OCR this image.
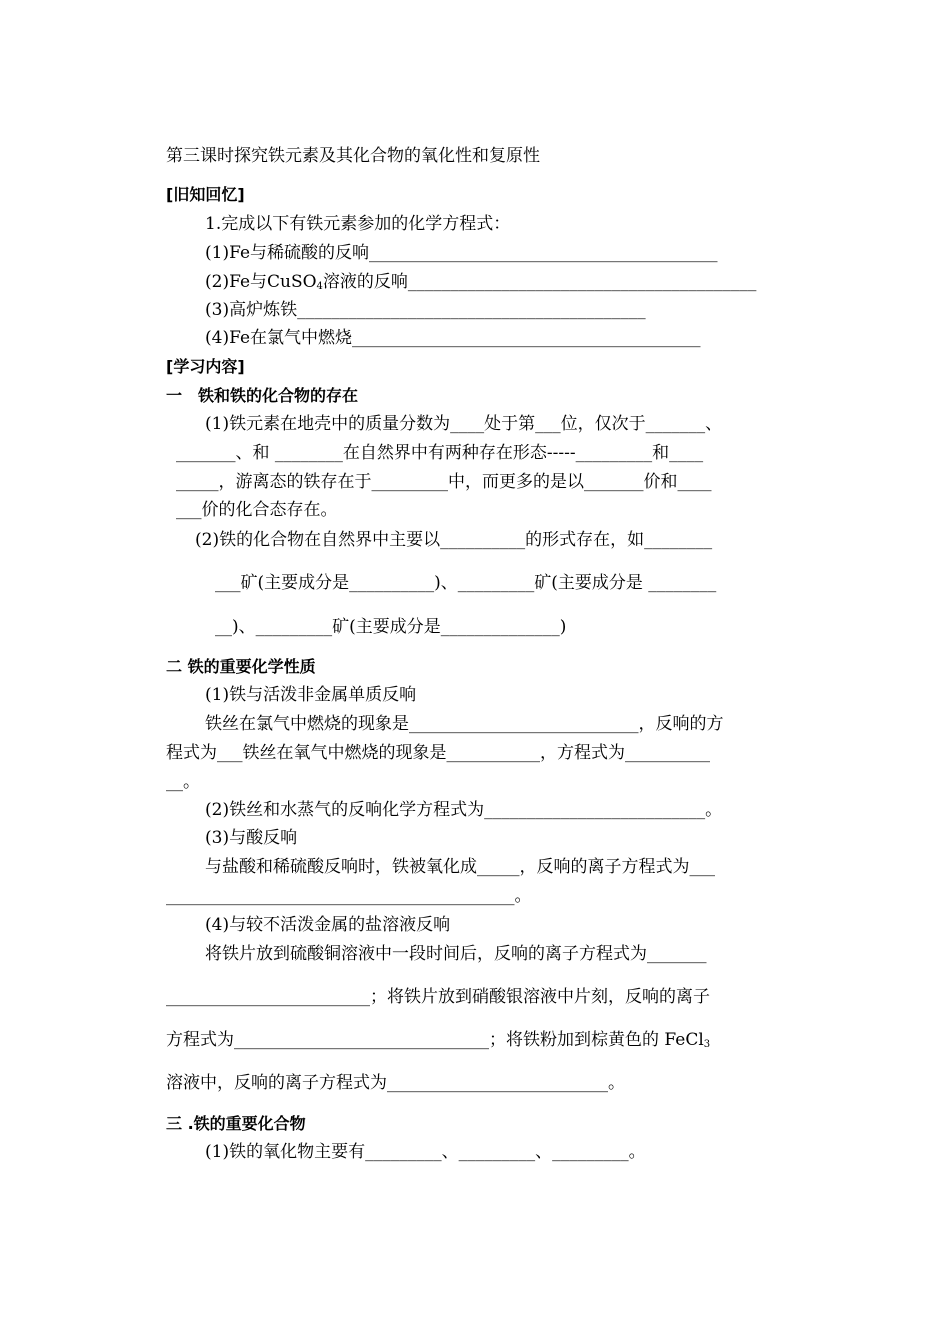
第三课时探究铁元素及其化合物的氧化性和复原性
[旧知回忆]
1.完成以下有铁元素参加的化学方程式：
(1)Fe与稀硫酸的反响_________________________________________
(2)Fe与CuSO$_4$溶液的反响_________________________________________
(3)高炉炼铁_________________________________________
(4)Fe在氯气中燃烧_________________________________________
[学习内容]
一　铁和铁的化合物的存在
(1)铁元素在地壳中的质量分数为____处于第___位，仅次于_______、
_______、和 ________在自然界中有两种存在形态-----_________和____
_____，游离态的铁存在于_________中，而更多的是以_______价和____
___价的化合态存在。
(2)铁的化合物在自然界中主要以__________的形式存在，如________
___矿(主要成分是__________)、_________矿(主要成分是 ________
__)、_________矿(主要成分是______________)
二 铁的重要化学性质
(1)铁与活泼非金属单质反响
铁丝在氯气中燃烧的现象是___________________________，反响的方
程式为___铁丝在氧气中燃烧的现象是___________，方程式为__________
__。
(2)铁丝和水蒸气的反响化学方程式为__________________________。
(3)与酸反响
与盐酸和稀硫酸反响时，铁被氧化成_____，反响的离子方程式为___
_________________________________________。
(4)与较不活泼金属的盐溶液反响
将铁片放到硫酸铜溶液中一段时间后，反响的离子方程式为_______
________________________；将铁片放到硝酸银溶液中片刻，反响的离子
方程式为______________________________；将铁粉加到棕黄色的 FeCl$_3$
溶液中，反响的离子方程式为__________________________。
三 .铁的重要化合物
(1)铁的氧化物主要有_________、_________、_________。
